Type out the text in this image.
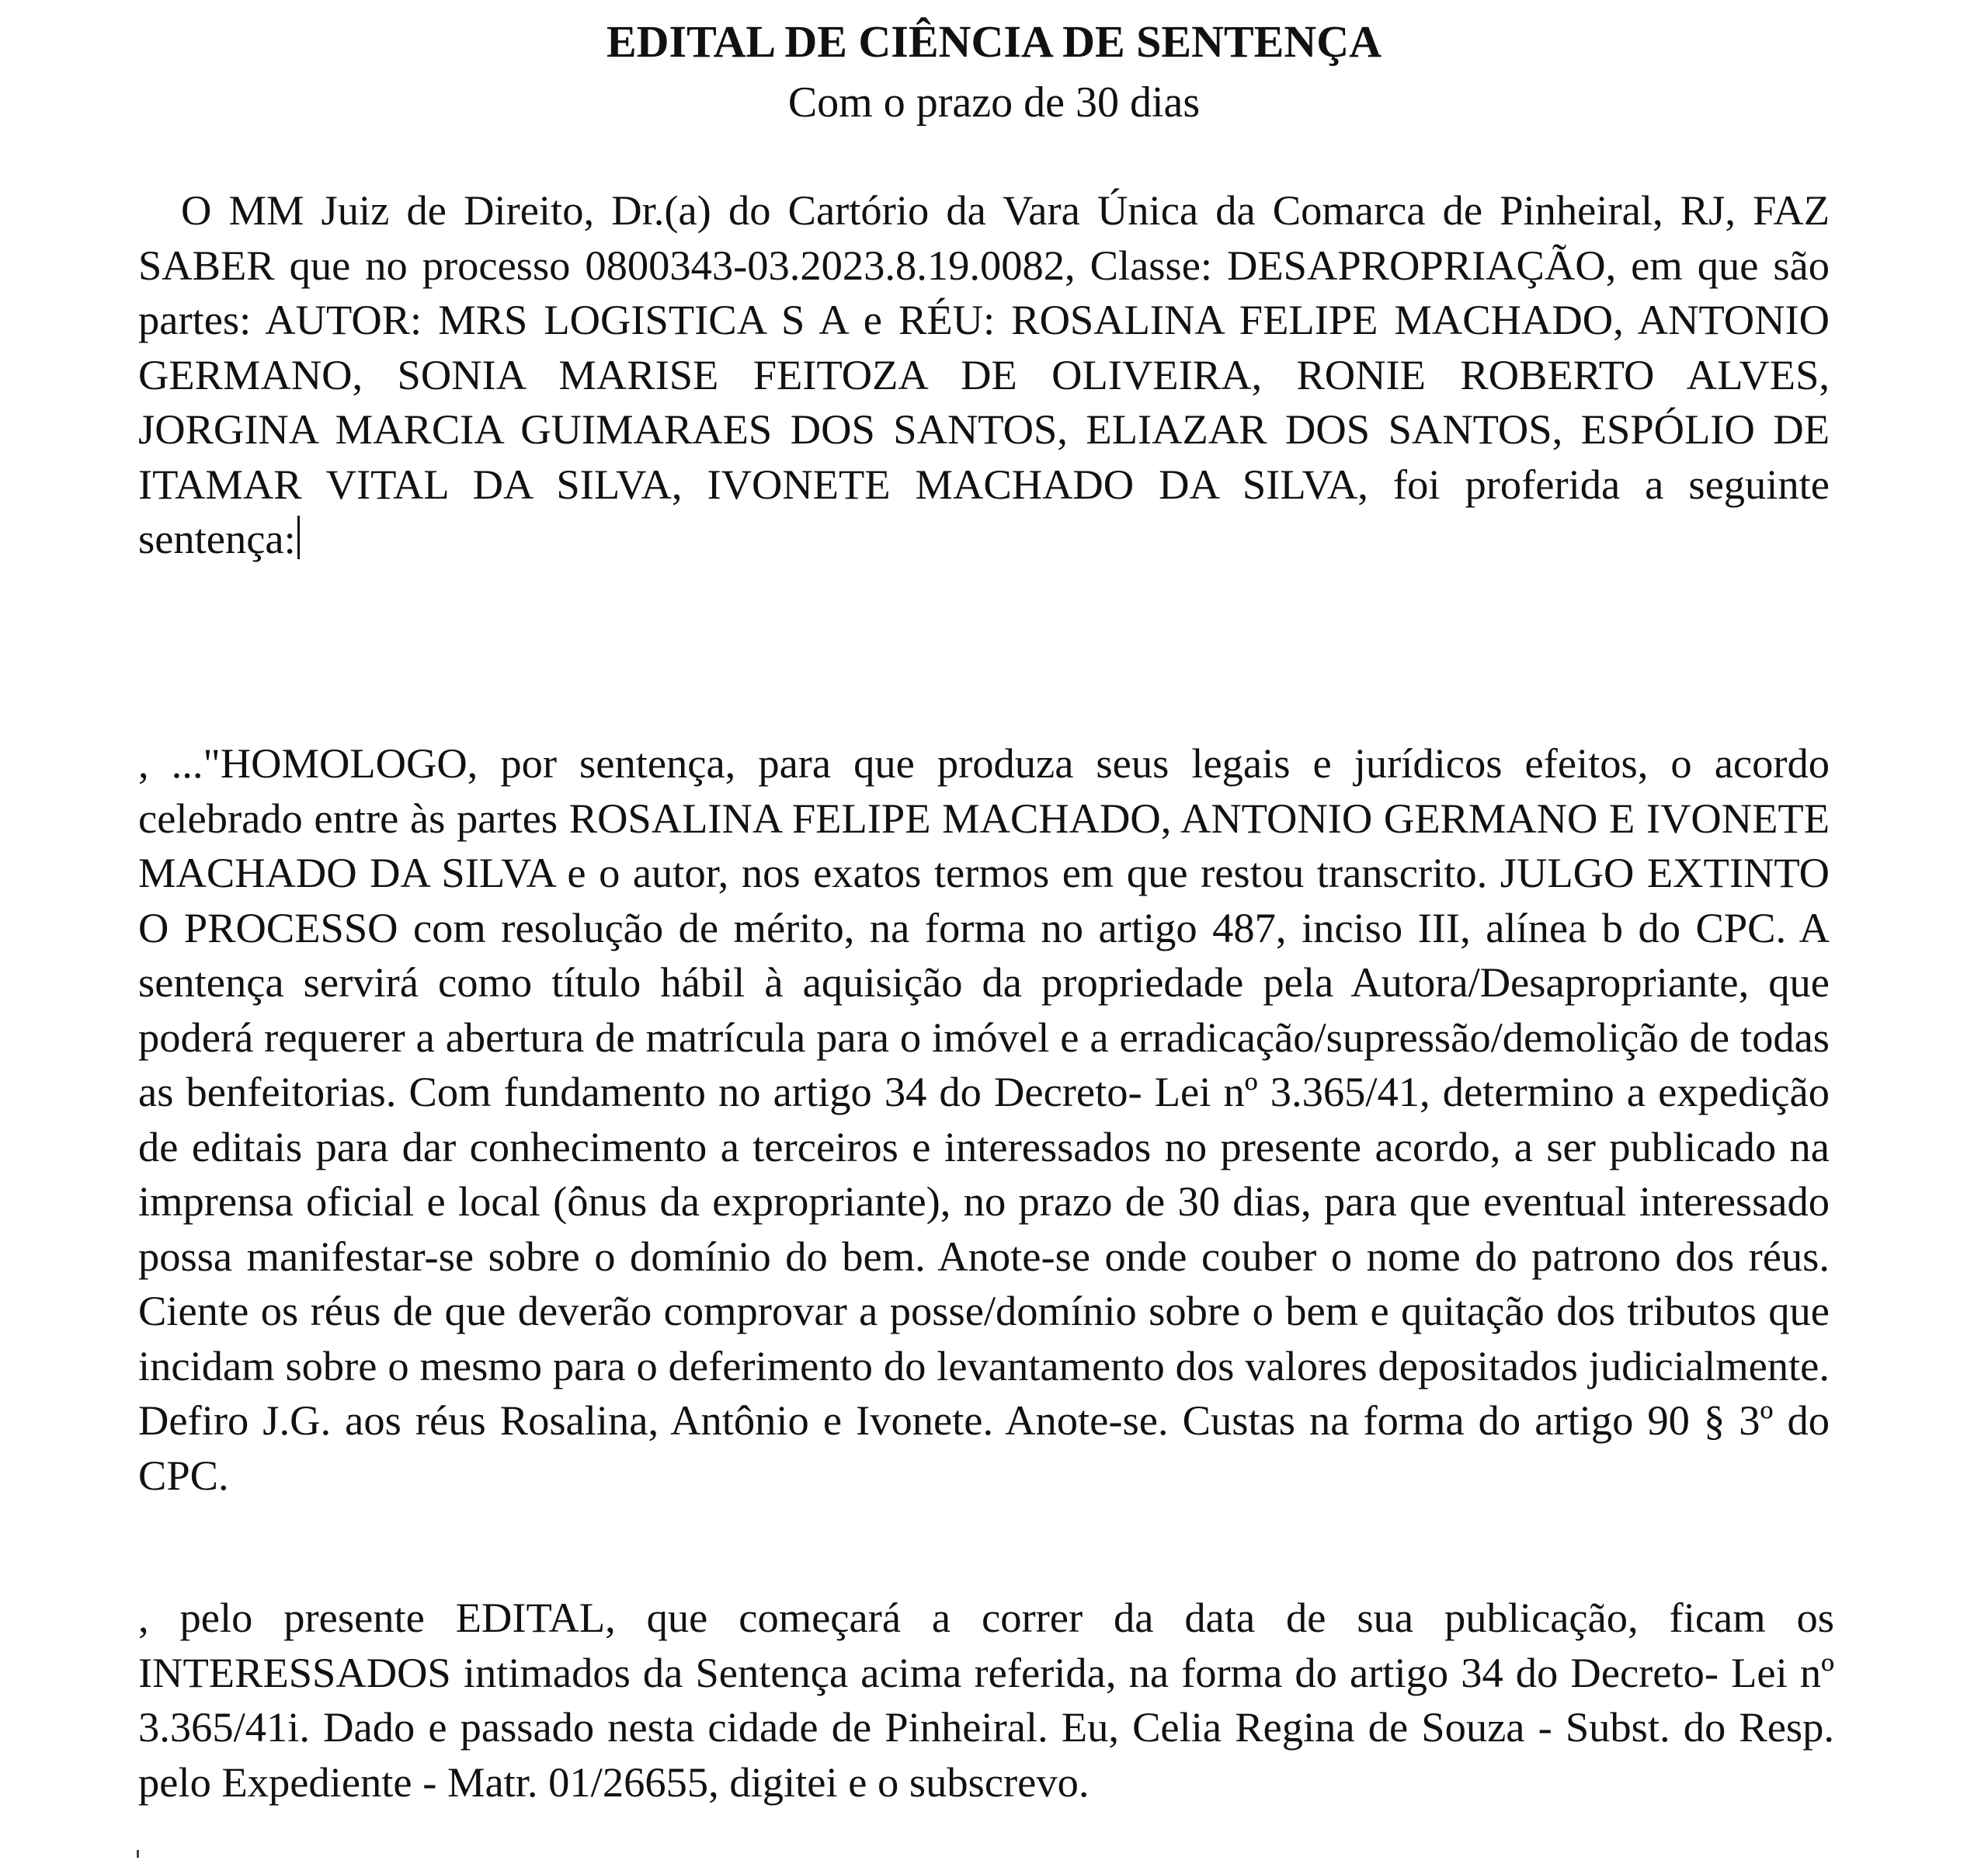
EDITAL DE CIÊNCIA DE SENTENÇA
Com o prazo de 30 dias

O MM Juiz de Direito, Dr.(a) do Cartório da Vara Única da Comarca de Pinheiral, RJ, FAZ SABER que no processo 0800343-03.2023.8.19.0082, Classe: DESAPROPRIAÇÃO, em que são partes: AUTOR: MRS LOGISTICA S A e RÉU: ROSALINA FELIPE MACHADO, ANTONIO GERMANO, SONIA MARISE FEITOZA DE OLIVEIRA, RONIE ROBERTO ALVES, JORGINA MARCIA GUIMARAES DOS SANTOS, ELIAZAR DOS SANTOS, ESPÓLIO DE ITAMAR VITAL DA SILVA, IVONETE MACHADO DA SILVA, foi proferida a seguinte sentença:

, ..."HOMOLOGO, por sentença, para que produza seus legais e jurídicos efeitos, o acordo celebrado entre às partes ROSALINA FELIPE MACHADO, ANTONIO GERMANO E IVONETE MACHADO DA SILVA e o autor, nos exatos termos em que restou transcrito. JULGO EXTINTO O PROCESSO com resolução de mérito, na forma no artigo 487, inciso III, alínea b do CPC. A sentença servirá como título hábil à aquisição da propriedade pela Autora/Desapropriante, que poderá requerer a abertura de matrícula para o imóvel e a erradicação/supressão/demolição de todas as benfeitorias. Com fundamento no artigo 34 do Decreto- Lei nº 3.365/41, determino a expedição de editais para dar conhecimento a terceiros e interessados no presente acordo, a ser publicado na imprensa oficial e local (ônus da expropriante), no prazo de 30 dias, para que eventual interessado possa manifestar-se sobre o domínio do bem. Anote-se onde couber o nome do patrono dos réus. Ciente os réus de que deverão comprovar a posse/domínio sobre o bem e quitação dos tributos que incidam sobre o mesmo para o deferimento do levantamento dos valores depositados judicialmente. Defiro J.G. aos réus Rosalina, Antônio e Ivonete. Anote-se. Custas na forma do artigo 90 § 3º do CPC.

, pelo presente EDITAL, que começará a correr da data de sua publicação, ficam os INTERESSADOS intimados da Sentença acima referida, na forma do artigo 34 do Decreto- Lei nº 3.365/41i. Dado e passado nesta cidade de Pinheiral. Eu, Celia Regina de Souza - Subst. do Resp. pelo Expediente - Matr. 01/26655, digitei e o subscrevo.
